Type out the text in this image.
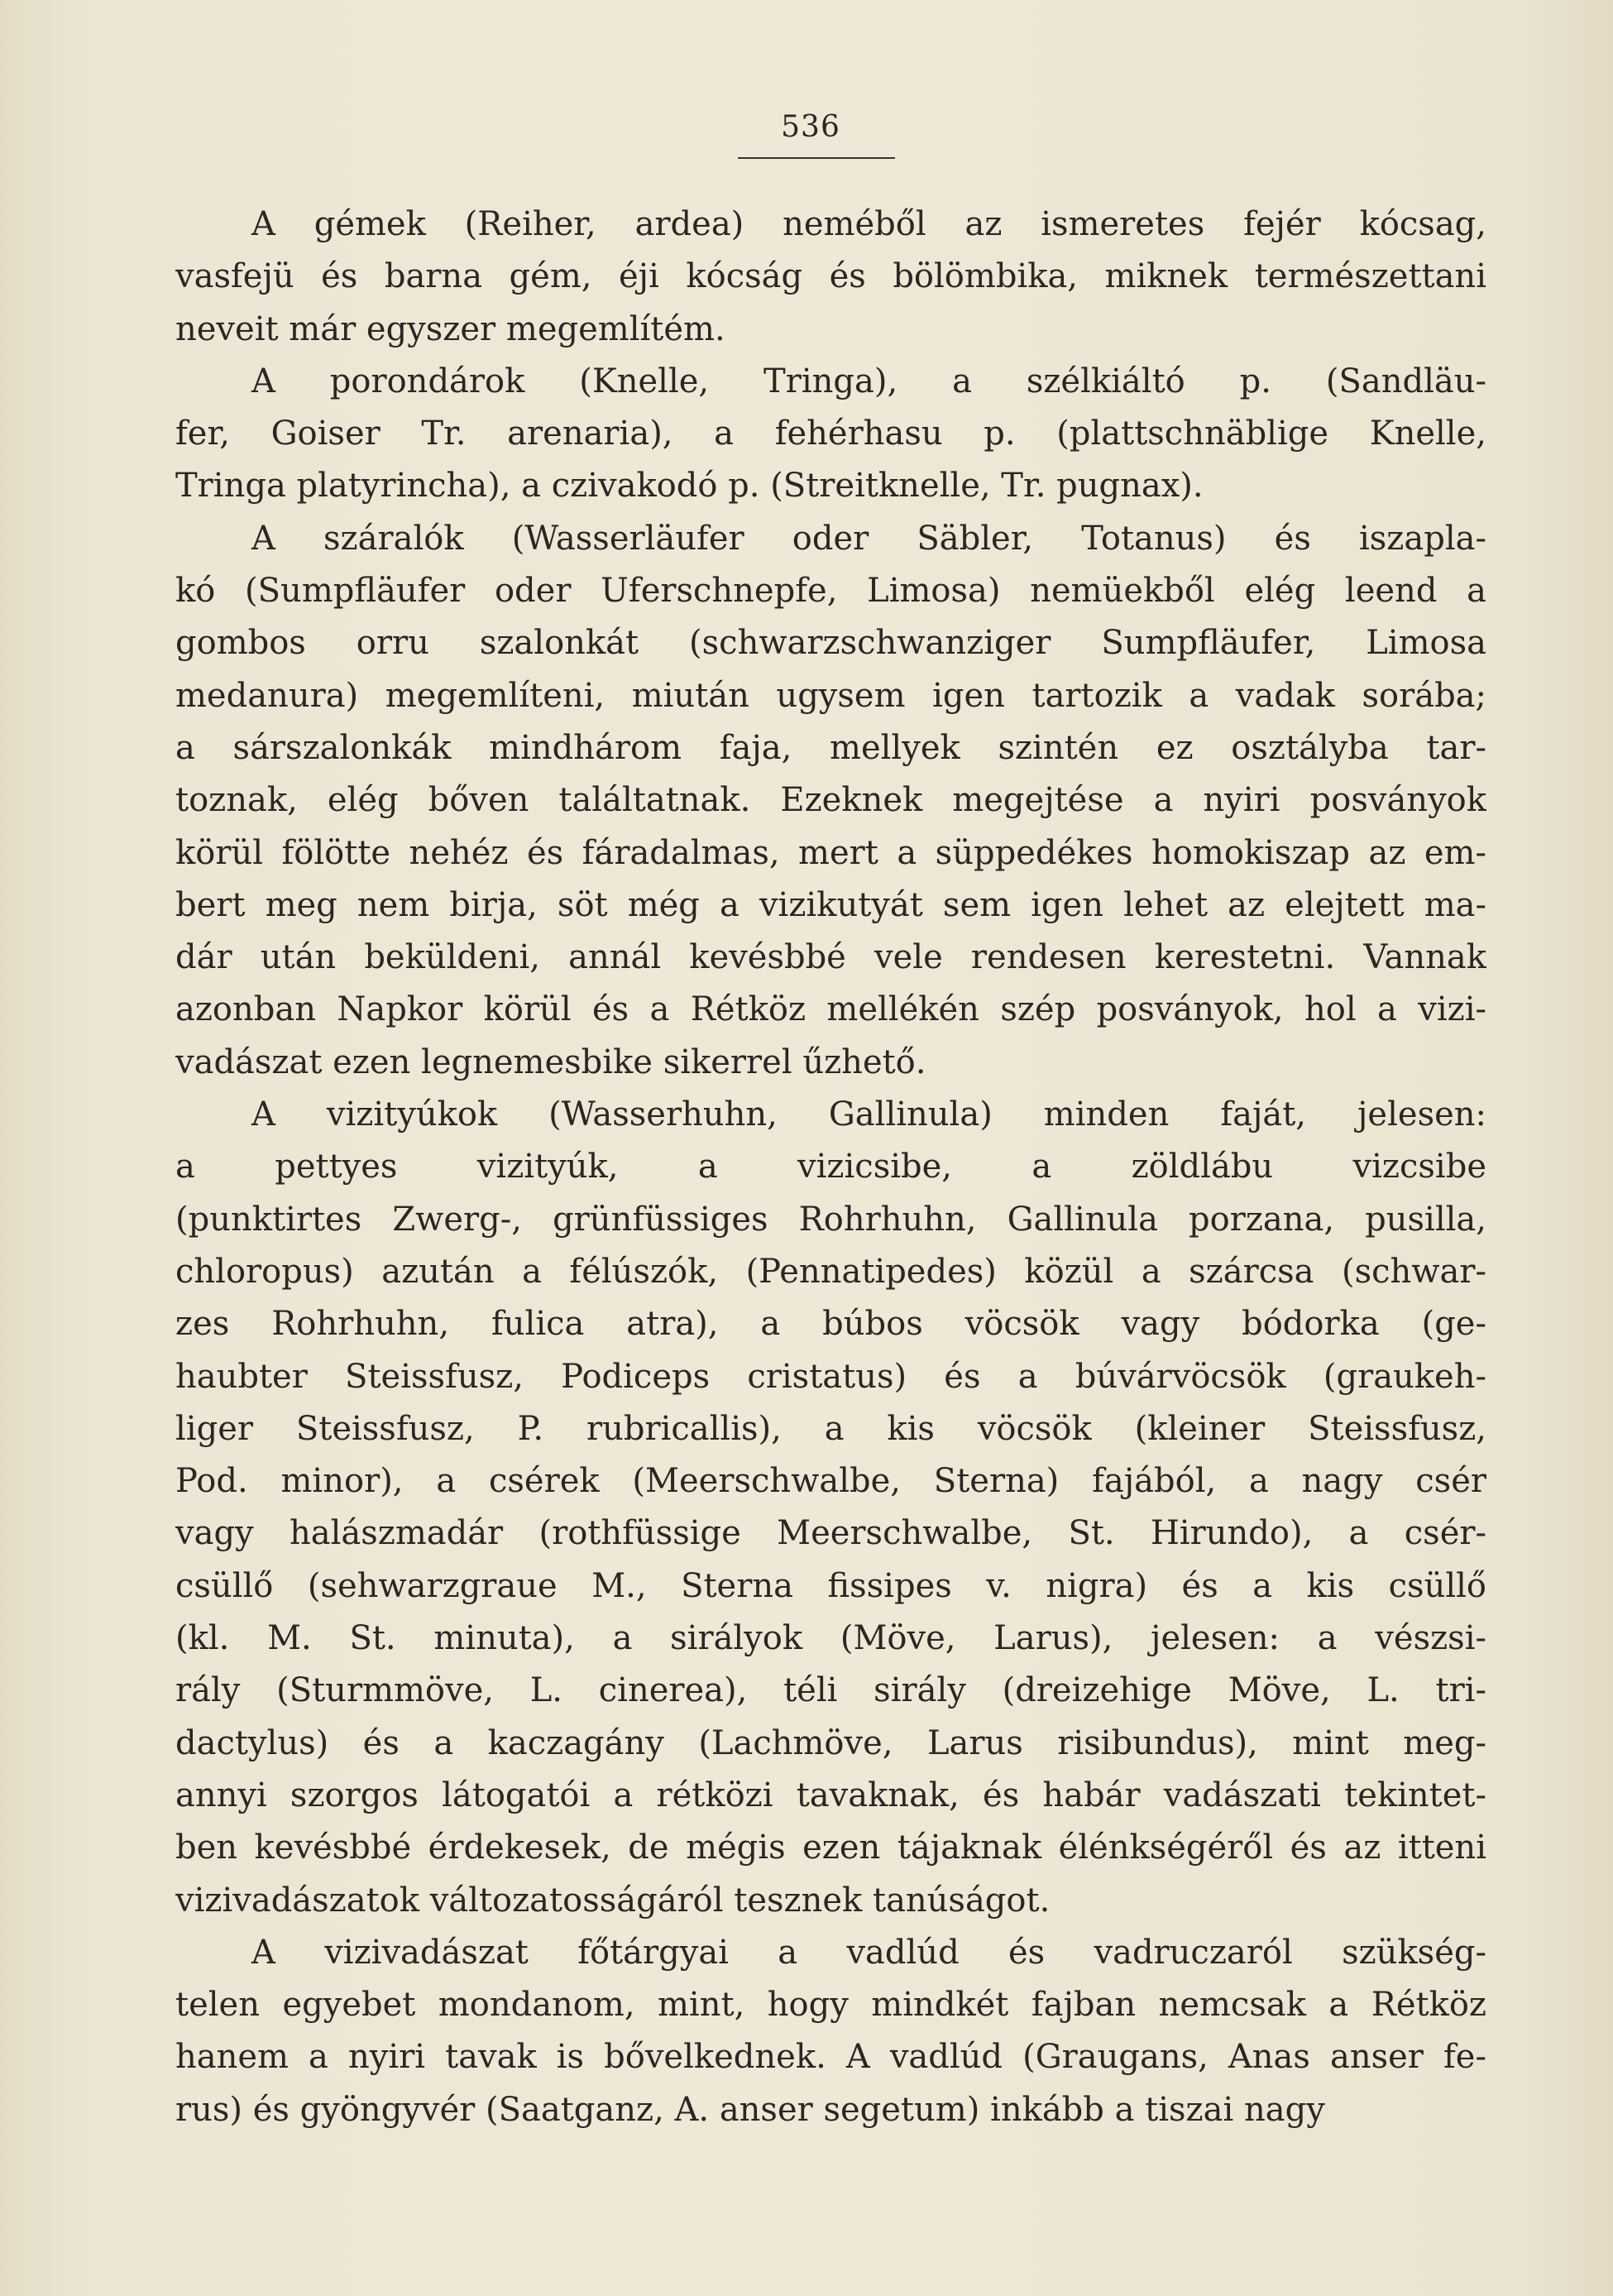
536
A gémek (Reiher, ardea) neméből az ismeretes fejér kócsag,
vasfejü és barna gém, éji kócság és bölömbika, miknek természettani
neveit már egyszer megemlítém.
A porondárok (Knelle, Tringa), a szélkiáltó p. (Sandläu-
fer, Goiser Tr. arenaria), a fehérhasu p. (plattschnäblige Knelle,
Tringa platyrincha), a czivakodó p. (Streitknelle, Tr. pugnax).
A száralók (Wasserläufer oder Säbler, Totanus) és iszapla-
kó (Sumpfläufer oder Uferschnepfe, Limosa) nemüekből elég leend a
gombos orru szalonkát (schwarzschwanziger Sumpfläufer, Limosa
medanura) megemlíteni, miután ugysem igen tartozik a vadak sorába;
a sárszalonkák mindhárom faja, mellyek szintén ez osztályba tar-
toznak, elég bőven találtatnak. Ezeknek megejtése a nyiri posványok
körül fölötte nehéz és fáradalmas, mert a süppedékes homokiszap az em-
bert meg nem birja, söt még a vizikutyát sem igen lehet az elejtett ma-
dár után beküldeni, annál kevésbbé vele rendesen kerestetni. Vannak
azonban Napkor körül és a Rétköz mellékén szép posványok, hol a vizi-
vadászat ezen legnemesbike sikerrel űzhető.
A vizityúkok (Wasserhuhn, Gallinula) minden faját, jelesen:
a pettyes vizityúk, a vizicsibe, a zöldlábu vizcsibe
(punktirtes Zwerg-, grünfüssiges Rohrhuhn, Gallinula porzana, pusilla,
chloropus) azután a félúszók, (Pennatipedes) közül a szárcsa (schwar-
zes Rohrhuhn, fulica atra), a búbos vöcsök vagy bódorka (ge-
haubter Steissfusz, Podiceps cristatus) és a búvárvöcsök (graukeh-
liger Steissfusz, P. rubricallis), a kis vöcsök (kleiner Steissfusz,
Pod. minor), a csérek (Meerschwalbe, Sterna) fajából, a nagy csér
vagy halászmadár (rothfüssige Meerschwalbe, St. Hirundo), a csér-
csüllő (sehwarzgraue M., Sterna fissipes v. nigra) és a kis csüllő
(kl. M. St. minuta), a sirályok (Möve, Larus), jelesen: a vészsi-
rály (Sturmmöve, L. cinerea), téli sirály (dreizehige Möve, L. tri-
dactylus) és a kaczagány (Lachmöve, Larus risibundus), mint meg-
annyi szorgos látogatói a rétközi tavaknak, és habár vadászati tekintet-
ben kevésbbé érdekesek, de mégis ezen tájaknak élénkségéről és az itteni
vizivadászatok változatosságáról tesznek tanúságot.
A vizivadászat főtárgyai a vadlúd és vadruczaról szükség-
telen egyebet mondanom, mint, hogy mindkét fajban nemcsak a Rétköz
hanem a nyiri tavak is bővelkednek. A vadlúd (Graugans, Anas anser fe-
rus) és gyöngyvér (Saatganz, A. anser segetum) inkább a tiszai nagy
